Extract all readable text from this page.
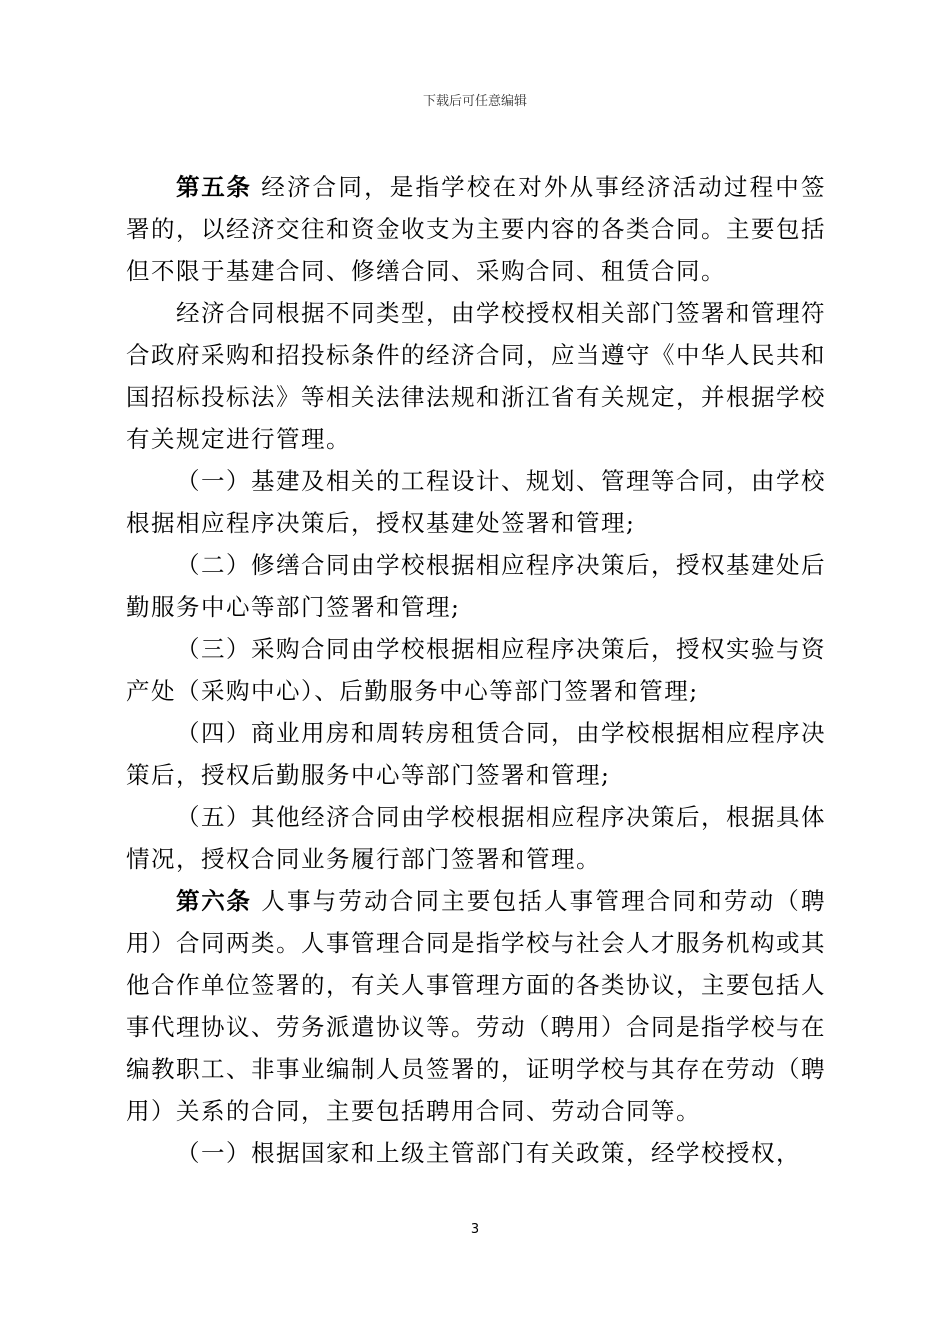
下载后可任意编辑

第五条 经济合同，是指学校在对外从事经济活动过程中签署的，以经济交往和资金收支为主要内容的各类合同。主要包括但不限于基建合同、修缮合同、采购合同、租赁合同。

经济合同根据不同类型，由学校授权相关部门签署和管理符合政府采购和招投标条件的经济合同，应当遵守《中华人民共和国招标投标法》等相关法律法规和浙江省有关规定，并根据学校有关规定进行管理。

（一）基建及相关的工程设计、规划、管理等合同，由学校根据相应程序决策后，授权基建处签署和管理;

（二）修缮合同由学校根据相应程序决策后，授权基建处后勤服务中心等部门签署和管理;

（三）采购合同由学校根据相应程序决策后，授权实验与资产处（采购中心）、后勤服务中心等部门签署和管理;

（四）商业用房和周转房租赁合同，由学校根据相应程序决策后，授权后勤服务中心等部门签署和管理;

（五）其他经济合同由学校根据相应程序决策后，根据具体情况，授权合同业务履行部门签署和管理。

第六条 人事与劳动合同主要包括人事管理合同和劳动（聘用）合同两类。人事管理合同是指学校与社会人才服务机构或其他合作单位签署的，有关人事管理方面的各类协议，主要包括人事代理协议、劳务派遣协议等。劳动（聘用）合同是指学校与在编教职工、非事业编制人员签署的，证明学校与其存在劳动（聘用）关系的合同，主要包括聘用合同、劳动合同等。

（一）根据国家和上级主管部门有关政策，经学校授权，

3
